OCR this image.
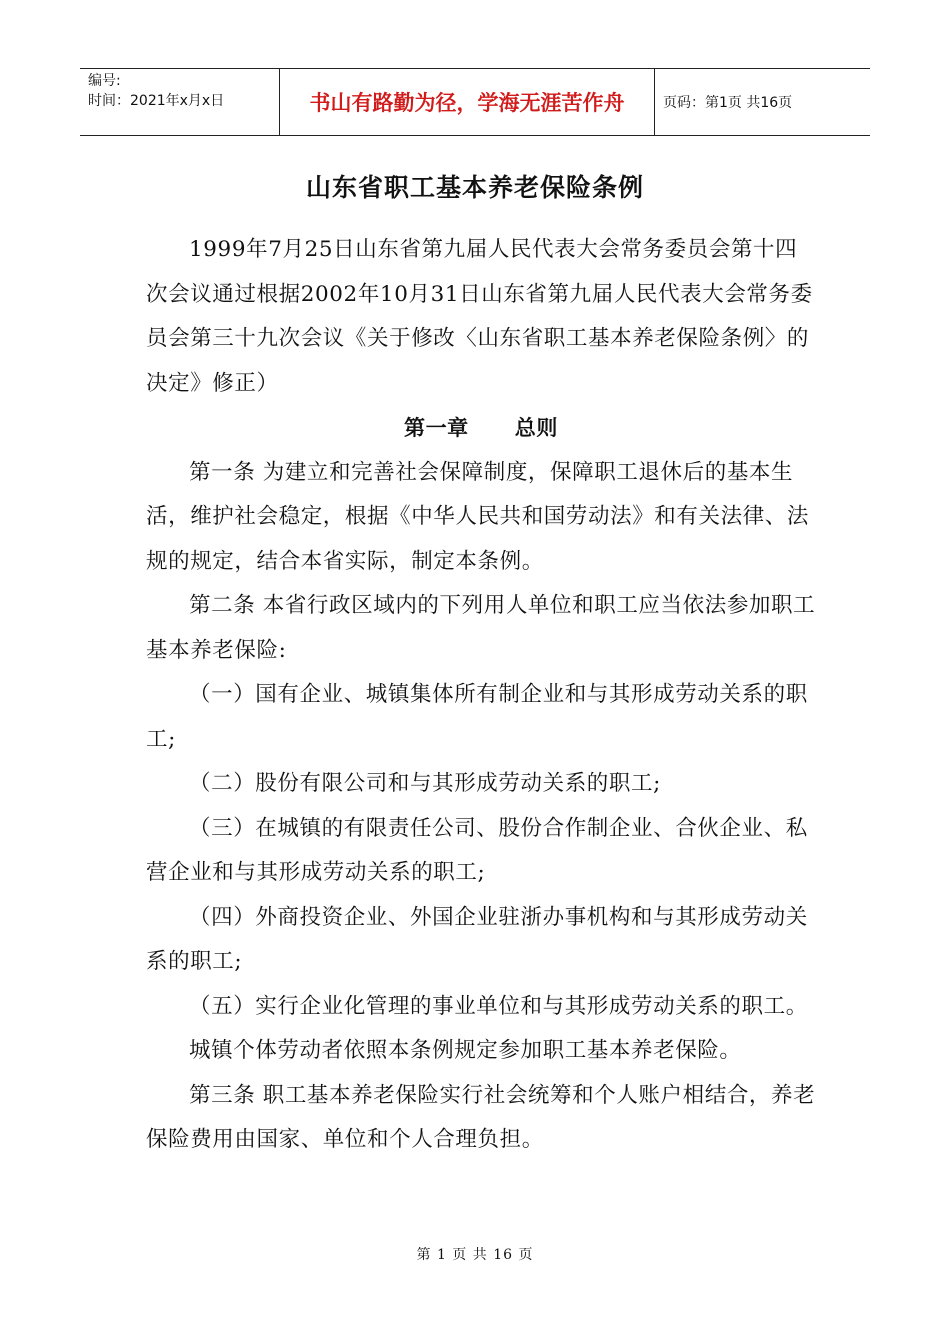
编号:
时间：2021年x月x日	书山有路勤为径，学海无涯苦作舟	页码：第1页 共16页
山东省职工基本养老保险条例

1999年7月25日山东省第九届人民代表大会常务委员会第十四次会议通过根据2002年10月31日山东省第九届人民代表大会常务委员会第三十九次会议《关于修改〈山东省职工基本养老保险条例〉的决定》修正）

第一章 总则

第一条 为建立和完善社会保障制度，保障职工退休后的基本生活，维护社会稳定，根据《中华人民共和国劳动法》和有关法律、法规的规定，结合本省实际，制定本条例。

第二条 本省行政区域内的下列用人单位和职工应当依法参加职工基本养老保险:

（一）国有企业、城镇集体所有制企业和与其形成劳动关系的职工;

（二）股份有限公司和与其形成劳动关系的职工;

（三）在城镇的有限责任公司、股份合作制企业、合伙企业、私营企业和与其形成劳动关系的职工;

（四）外商投资企业、外国企业驻浙办事机构和与其形成劳动关系的职工;

（五）实行企业化管理的事业单位和与其形成劳动关系的职工。

城镇个体劳动者依照本条例规定参加职工基本养老保险。

第三条 职工基本养老保险实行社会统筹和个人账户相结合，养老保险费用由国家、单位和个人合理负担。

第 1 页 共 16 页
